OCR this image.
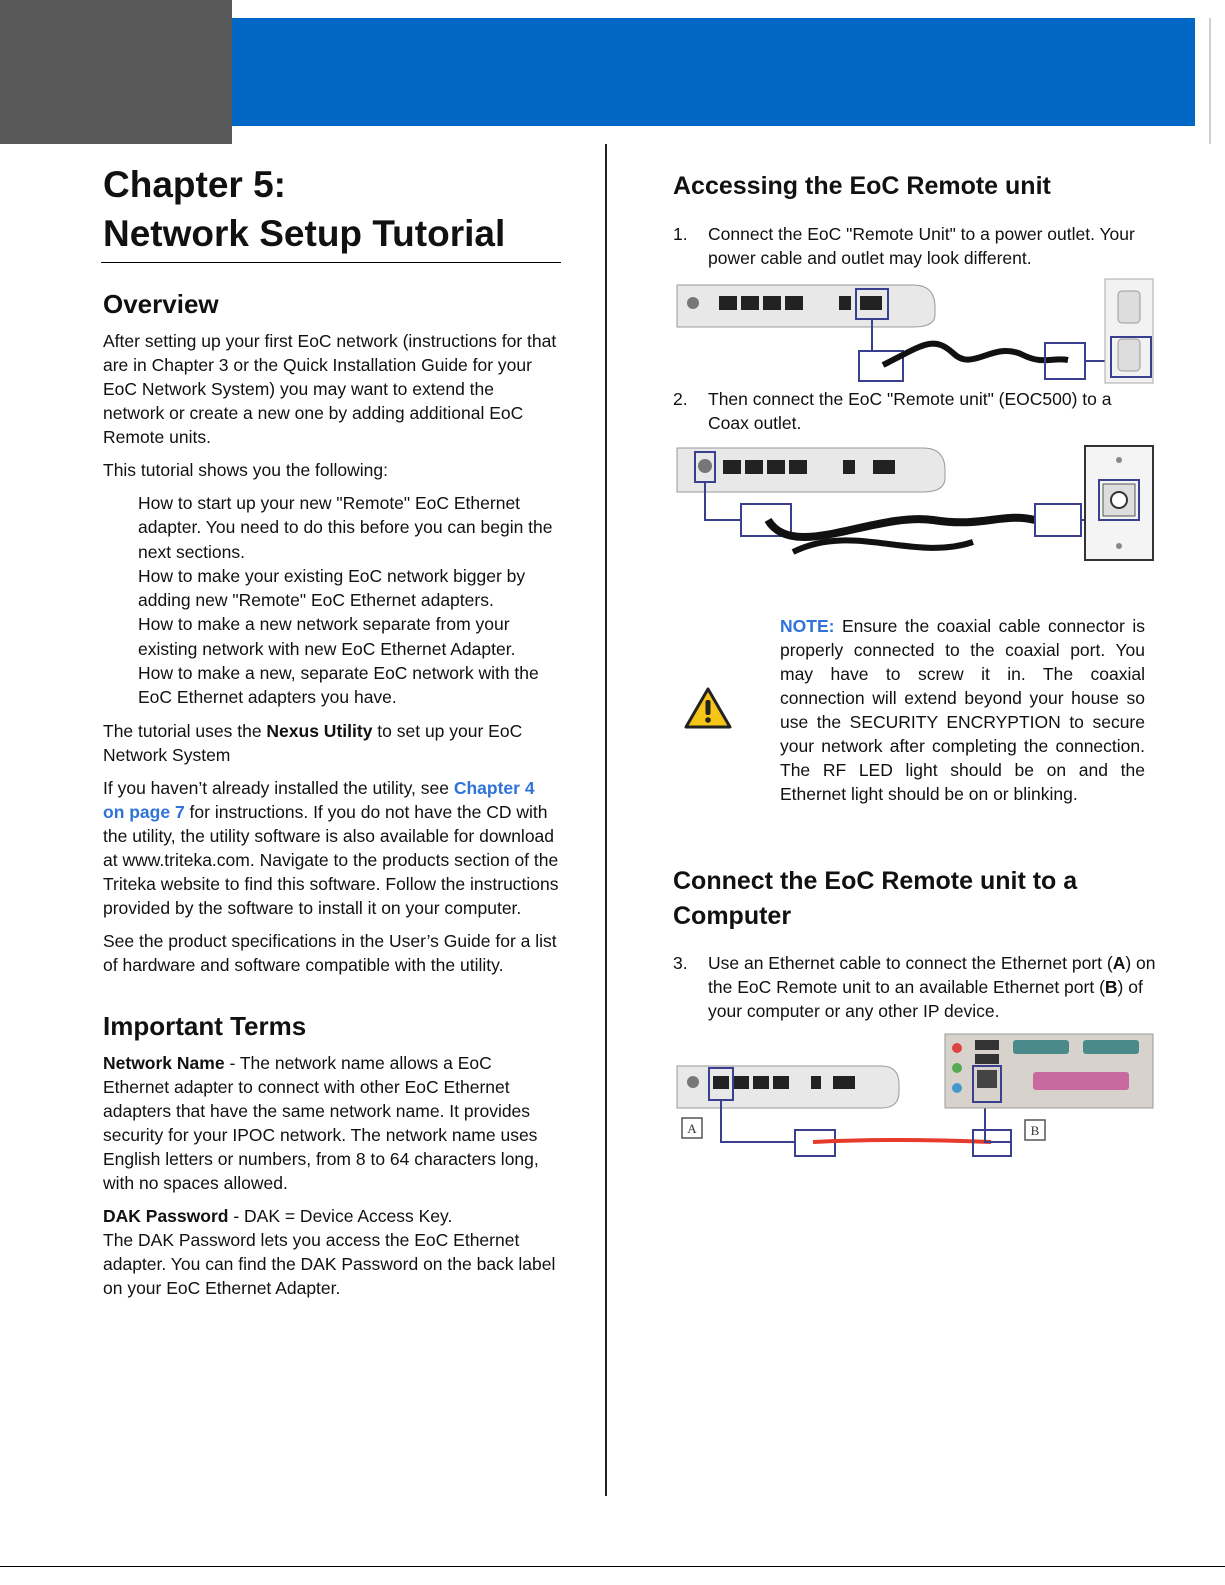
Chapter 5:
Network Setup Tutorial
Overview

After setting up your first EoC network (instructions for that are in Chapter 3 or the Quick Installation Guide for your EoC Network System) you may want to extend the network or create a new one by adding additional EoC Remote units.

This tutorial shows you the following:

How to start up your new "Remote" EoC Ethernet adapter. You need to do this before you can begin the next sections.

How to make your existing EoC network bigger by adding new "Remote" EoC Ethernet adapters.

How to make a new network separate from your existing network with new EoC Ethernet Adapter.

How to make a new, separate EoC network with the EoC Ethernet adapters you have.

The tutorial uses the Nexus Utility to set up your EoC Network System

If you haven’t already installed the utility, see Chapter 4 on page 7 for instructions. If you do not have the CD with the utility, the utility software is also available for download at www.triteka.com. Navigate to the products section of the Triteka website to find this software. Follow the instructions provided by the software to install it on your computer.

See the product specifications in the User’s Guide for a list of hardware and software compatible with the utility.

Important Terms

Network Name - The network name allows a EoC Ethernet adapter to connect with other EoC Ethernet adapters that have the same network name. It provides security for your IPOC network. The network name uses English letters or numbers, from 8 to 64 characters long, with no spaces allowed.

DAK Password - DAK = Device Access Key.
The DAK Password lets you access the EoC Ethernet adapter. You can find the DAK Password on the back label on your EoC Ethernet Adapter.

Accessing the EoC Remote unit
1. Connect the EoC "Remote Unit" to a power outlet. Your power cable and outlet may look different.
2. Then connect the EoC "Remote unit" (EOC500) to a Coax outlet.
NOTE: Ensure the coaxial cable connector is properly connected to the coaxial port. You may have to screw it in. The coaxial connection will extend beyond your house so use the SECURITY ENCRYPTION to secure your network after completing the connection. The RF LED light should be on and the Ethernet light should be on or blinking.
Connect the EoC Remote unit to a
Computer
3. Use an Ethernet cable to connect the Ethernet port (A) on the EoC Remote unit to an available Ethernet port (B) of your computer or any other IP device.
A	B
